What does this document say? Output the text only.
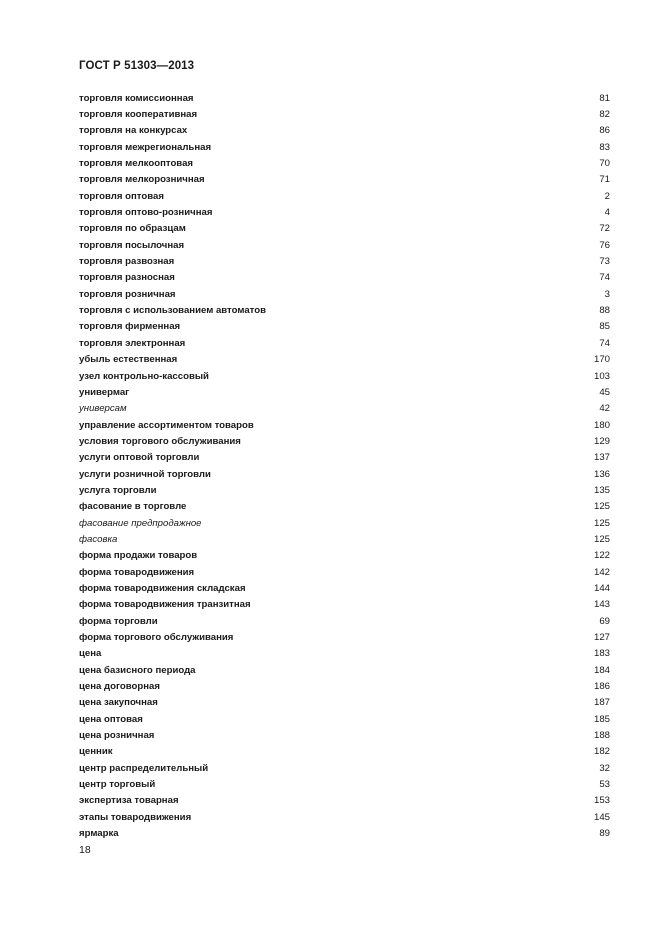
ГОСТ Р 51303—2013
торговля комиссионная	81
торговля кооперативная	82
торговля на конкурсах	86
торговля межрегиональная	83
торговля мелкооптовая	70
торговля мелкорозничная	71
торговля оптовая	2
торговля оптово-розничная	4
торговля по образцам	72
торговля посылочная	76
торговля развозная	73
торговля разносная	74
торговля розничная	3
торговля с использованием автоматов	88
торговля фирменная	85
торговля электронная	74
убыль естественная	170
узел контрольно-кассовый	103
универмаг	45
универсам	42
управление ассортиментом товаров	180
условия торгового обслуживания	129
услуги оптовой торговли	137
услуги розничной торговли	136
услуга торговли	135
фасование в торговле	125
фасование предпродажное	125
фасовка	125
форма продажи товаров	122
форма товародвижения	142
форма товародвижения складская	144
форма товародвижения транзитная	143
форма торговли	69
форма торгового обслуживания	127
цена	183
цена базисного периода	184
цена договорная	186
цена закупочная	187
цена оптовая	185
цена розничная	188
ценник	182
центр распределительный	32
центр торговый	53
экспертиза товарная	153
этапы товародвижения	145
ярмарка	89
18
